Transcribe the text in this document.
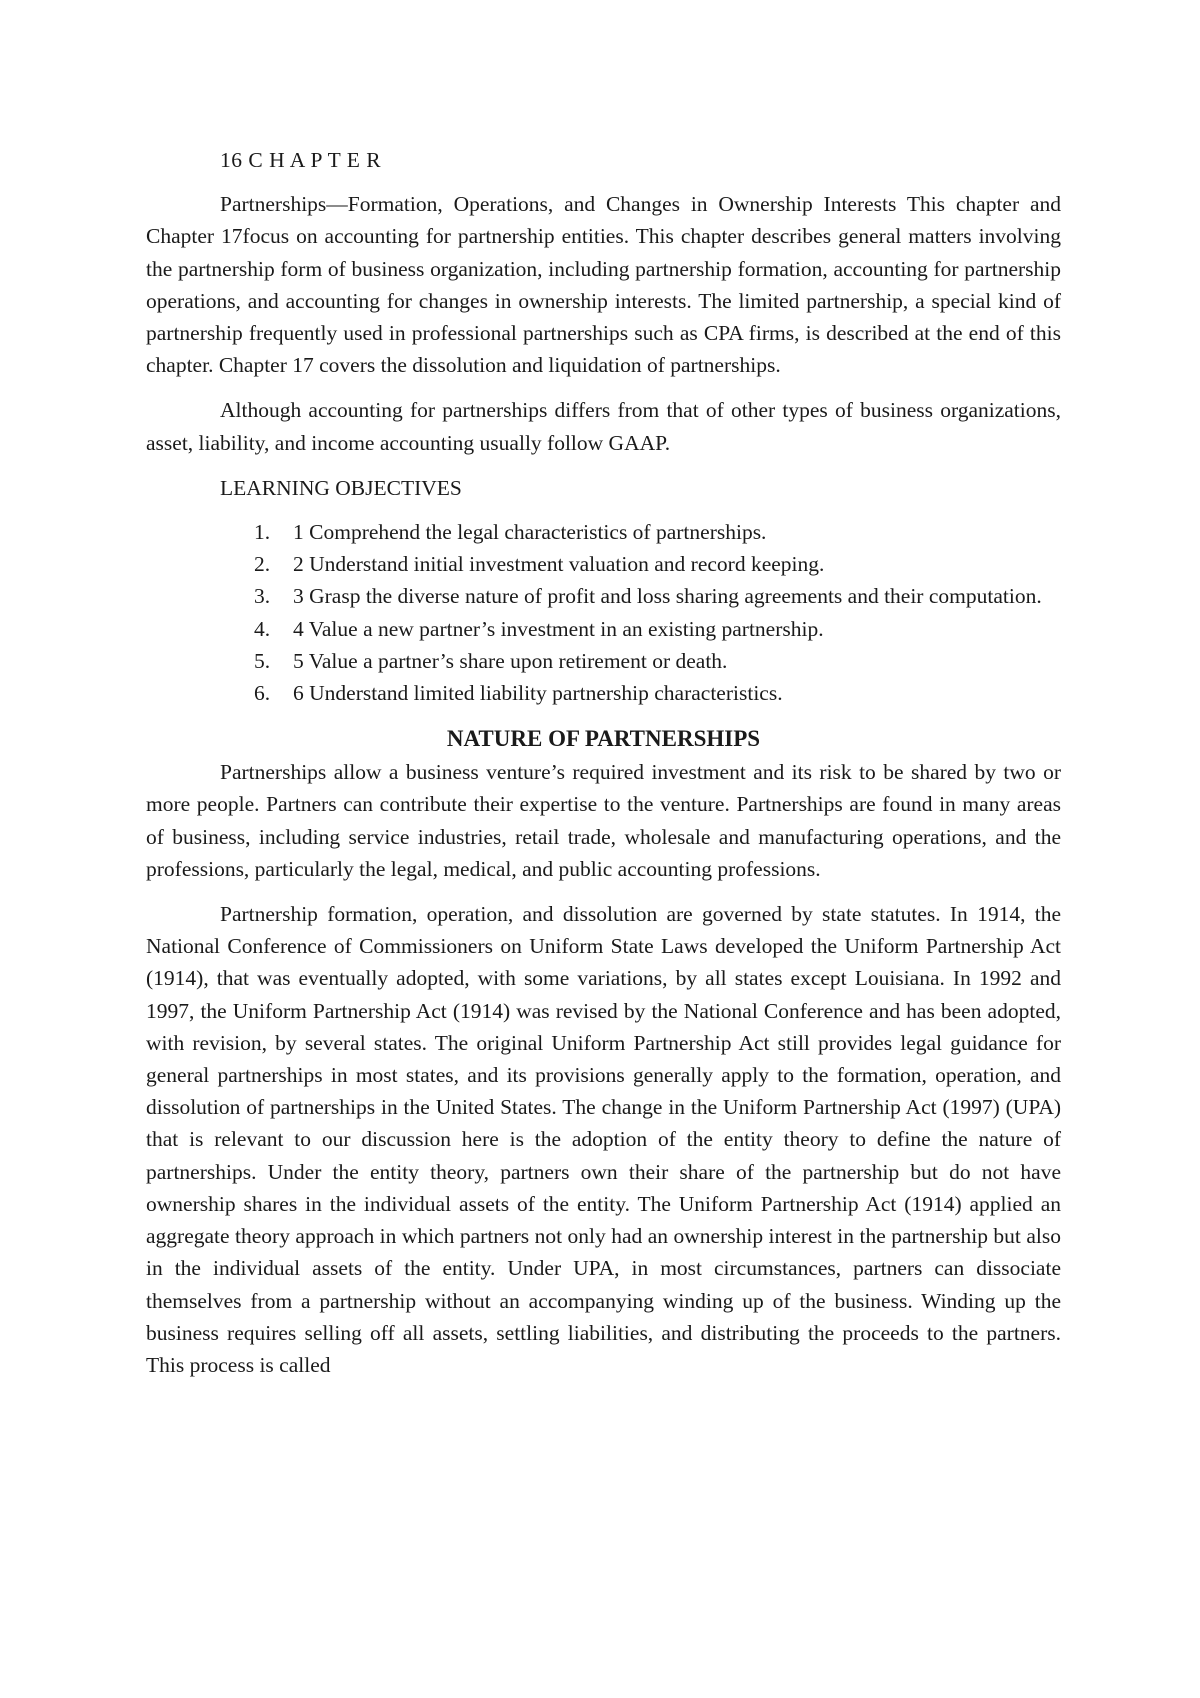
16 C H A P T E R

Partnerships—Formation, Operations, and Changes in Ownership Interests This chapter and Chapter 17focus on accounting for partnership entities. This chapter describes general matters involving the partnership form of business organization, including partnership formation, accounting for partnership operations, and accounting for changes in ownership interests. The limited partnership, a special kind of partnership frequently used in professional partnerships such as CPA firms, is described at the end of this chapter. Chapter 17 covers the dissolution and liquidation of partnerships.

Although accounting for partnerships differs from that of other types of business organizations, asset, liability, and income accounting usually follow GAAP.

LEARNING OBJECTIVES
1.	1 Comprehend the legal characteristics of partnerships.
2.	2 Understand initial investment valuation and record keeping.
3.	3 Grasp the diverse nature of profit and loss sharing agreements and their computation.
4.	4 Value a new partner’s investment in an existing partnership.
5.	5 Value a partner’s share upon retirement or death.
6.	6 Understand limited liability partnership characteristics.
NATURE OF PARTNERSHIPS

Partnerships allow a business venture’s required investment and its risk to be shared by two or more people. Partners can contribute their expertise to the venture. Partnerships are found in many areas of business, including service industries, retail trade, wholesale and manufacturing operations, and the professions, particularly the legal, medical, and public accounting professions.

Partnership formation, operation, and dissolution are governed by state statutes. In 1914, the National Conference of Commissioners on Uniform State Laws developed the Uniform Partnership Act (1914), that was eventually adopted, with some variations, by all states except Louisiana. In 1992 and 1997, the Uniform Partnership Act (1914) was revised by the National Conference and has been adopted, with revision, by several states. The original Uniform Partnership Act still provides legal guidance for general partnerships in most states, and its provisions generally apply to the formation, operation, and dissolution of partnerships in the United States. The change in the Uniform Partnership Act (1997) (UPA) that is relevant to our discussion here is the adoption of the entity theory to define the nature of partnerships. Under the entity theory, partners own their share of the partnership but do not have ownership shares in the individual assets of the entity. The Uniform Partnership Act (1914) applied an aggregate theory approach in which partners not only had an ownership interest in the partnership but also in the individual assets of the entity. Under UPA, in most circumstances, partners can dissociate themselves from a partnership without an accompanying winding up of the business. Winding up the business requires selling off all assets, settling liabilities, and distributing the proceeds to the partners. This process is called
